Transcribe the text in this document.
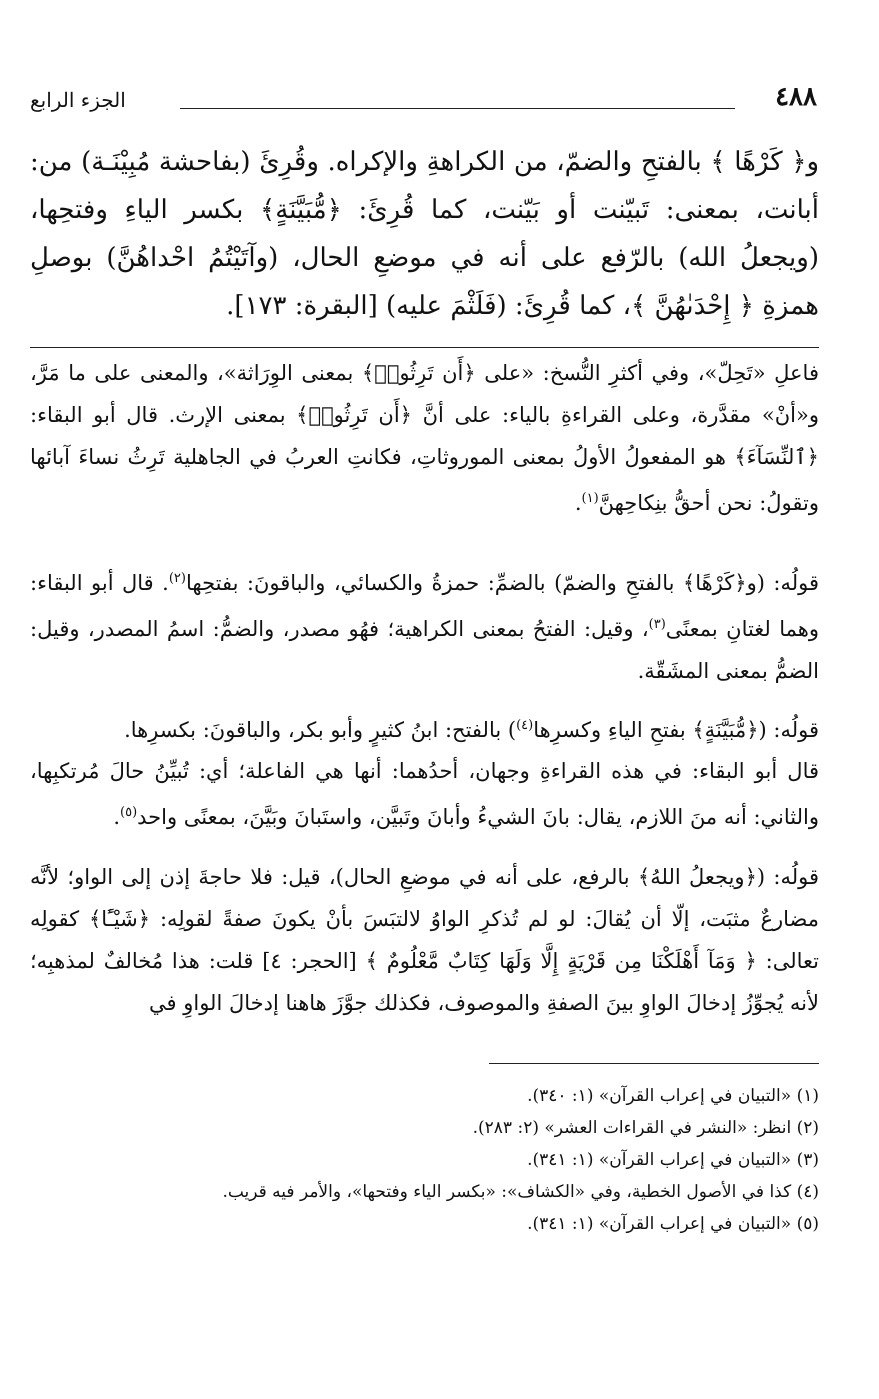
٤٨٨
الجزء الرابع
و﴿ كَرْهًا ﴾ بالفتحِ والضمّ، من الكراهةِ والإكراه. وقُرِئَ (بفاحشة مُبِيْنَـة) من: أبانت، بمعنى: تَبيّنت أو بَيّنت، كما قُرِئَ: ﴿مُّبَيَّنَةٍ﴾ بكسر الياءِ وفتحِها، (ويجعلُ الله) بالرّفع على أنه في موضعِ الحال، (وآتَيْتُمُ احْداهُنَّ) بوصلِ همزةِ ﴿ إِحْدَىٰهُنَّ ﴾، كما قُرِئَ: (فَلَثْمَ عليه) [البقرة: ١٧٣].

فاعلِ «تَحِلّ»، وفي أكثرِ النُّسخ: «على ﴿أَن تَرِثُوا۟﴾ بمعنى الوِرَاثة»، والمعنى على ما مَرَّ، و«أنْ» مقدَّرة، وعلى القراءةِ بالياء: على أنَّ ﴿أَن تَرِثُوا۟﴾ بمعنى الإرث. قال أبو البقاء: ﴿ٱلنِّسَآءَ﴾ هو المفعولُ الأولُ بمعنى الموروثاتِ، فكانتِ العربُ في الجاهلية تَرِثُ نساءَ آبائها وتقولُ: نحن أحقُّ بنِكاحِهنَّ$^{(١)}$.

قولُه: (و﴿كَرْهًا﴾ بالفتحِ والضمّ) بالضمِّ: حمزةُ والكسائي، والباقونَ: بفتحِها$^{(٢)}$. قال أبو البقاء: وهما لغتانِ بمعنًى$^{(٣)}$، وقيل: الفتحُ بمعنى الكراهية؛ فهُو مصدر، والضمُّ: اسمُ المصدر، وقيل: الضمُّ بمعنى المشَقّة.

قولُه: (﴿مُّبَيَّنَةٍ﴾ بفتحِ الياءِ وكسرِها$^{(٤)}$) بالفتح: ابنُ كثيرٍ وأبو بكر، والباقونَ: بكسرِها.

قال أبو البقاء: في هذه القراءةِ وجهان، أحدُهما: أنها هي الفاعلة؛ أي: تُبيِّنُ حالَ مُرتكبِها، والثاني: أنه منَ اللازم، يقال: بانَ الشيءُ وأبانَ وتَبيَّن، واستَبانَ وبَيَّنَ، بمعنًى واحد$^{(٥)}$.

قولُه: (﴿ويجعلُ اللهُ﴾ بالرفع، على أنه في موضعِ الحال)، قيل: فلا حاجةَ إذن إلى الواو؛ لأنَّه مضارعٌ مثبَت، إلّا أن يُقالَ: لو لم تُذكرِ الواوُ لالتبَسَ بأنْ يكونَ صفةً لقولِه: ﴿شَيْـًٔا﴾ كقولِه تعالى: ﴿ وَمَآ أَهْلَكْنَا مِن قَرْيَةٍ إِلَّا وَلَهَا كِتَابٌ مَّعْلُومٌ ﴾ [الحجر: ٤] قلت: هذا مُخالفٌ لمذهبِه؛ لأنه يُجوِّزُ إدخالَ الواوِ بينَ الصفةِ والموصوف، فكذلك جوَّزَ هاهنا إدخالَ الواوِ في

(١) «التبيان في إعراب القرآن» (١: ٣٤٠).
(٢) انظر: «النشر في القراءات العشر» (٢: ٢٨٣).
(٣) «التبيان في إعراب القرآن» (١: ٣٤١).
(٤) كذا في الأصول الخطية، وفي «الكشاف»: «بكسر الياء وفتحها»، والأمر فيه قريب.
(٥) «التبيان في إعراب القرآن» (١: ٣٤١).
